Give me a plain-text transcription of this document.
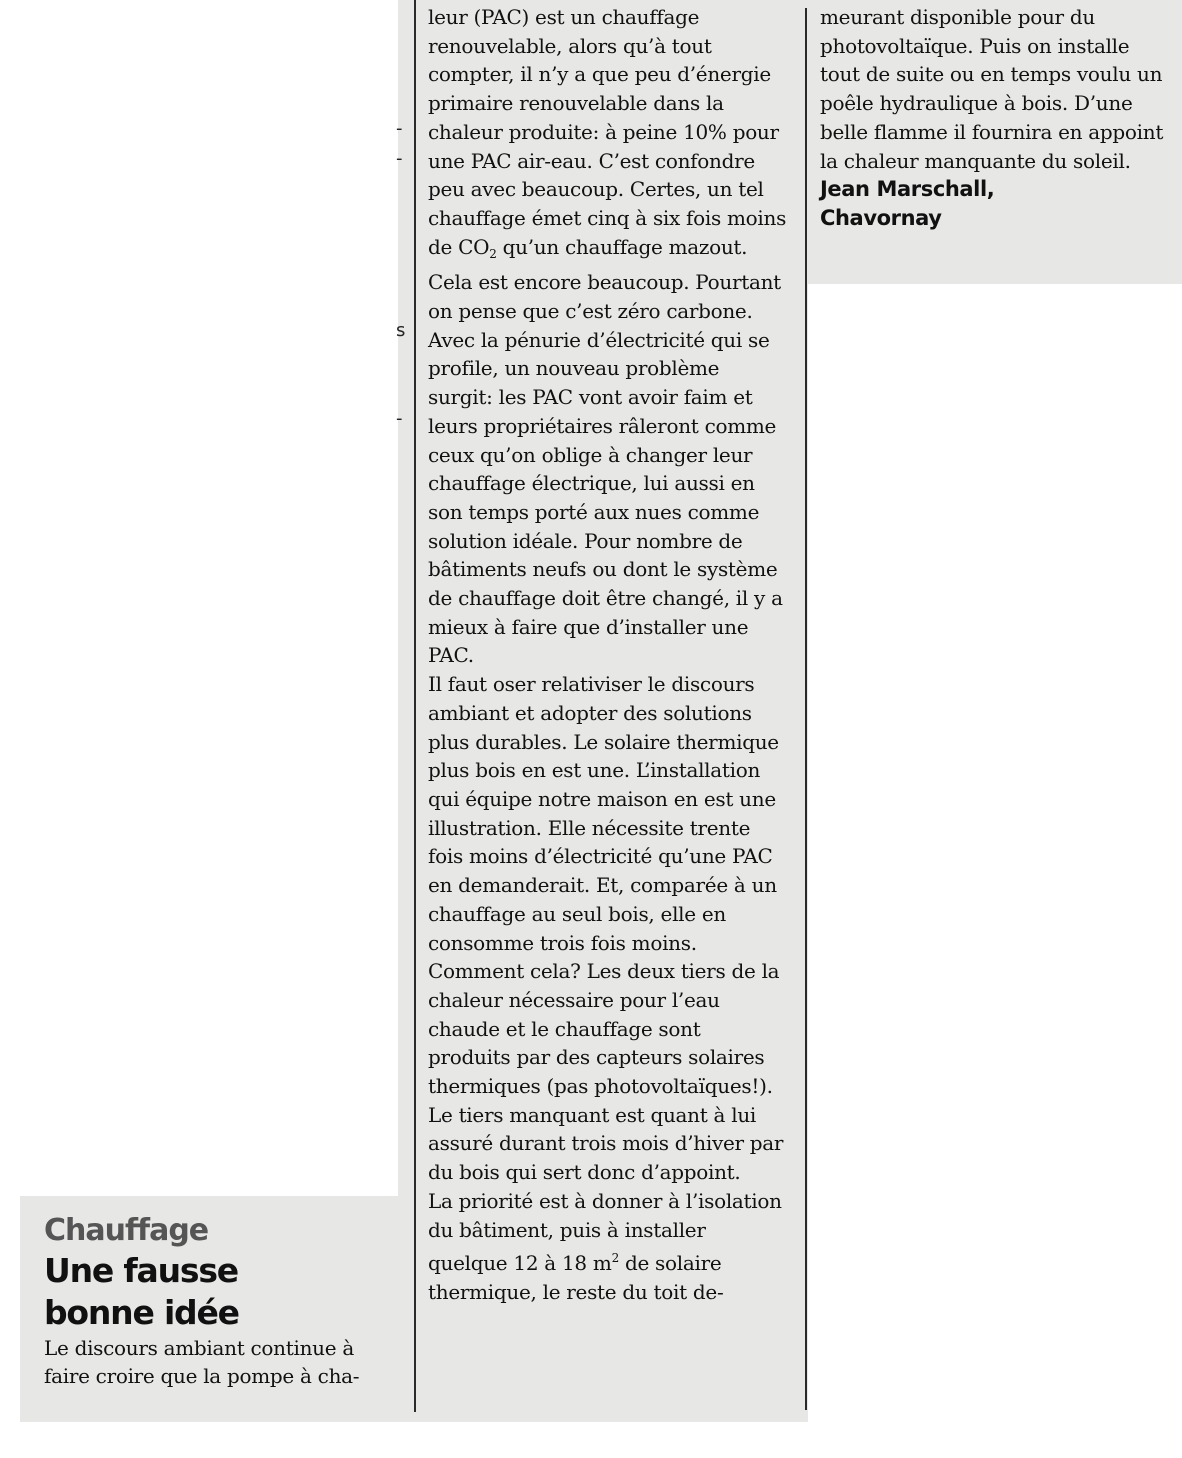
-
-
s
-

Chauffage

Une fausse

bonne idée

Le discours ambiant continue à faire croire que la pompe à cha-

leur (PAC) est un chauffage renouvelable, alors qu’à tout compter, il n’y a que peu d’énergie primaire renouvelable dans la chaleur produite: à peine 10% pour une PAC air-eau. C’est confondre peu avec beaucoup. Certes, un tel chauffage émet cinq à six fois moins de $CO_2$ qu’un chauffage mazout. Cela est encore beaucoup. Pourtant on pense que c’est zéro carbone. Avec la pénurie d’électricité qui se profile, un nouveau problème surgit: les PAC vont avoir faim et leurs propriétaires râleront comme ceux qu’on oblige à changer leur chauffage électrique, lui aussi en son temps porté aux nues comme solution idéale. Pour nombre de bâtiments neufs ou dont le système de chauffage doit être changé, il y a mieux à faire que d’installer une PAC.

Il faut oser relativiser le discours ambiant et adopter des solutions plus durables. Le solaire thermique plus bois en est une. L’installation qui équipe notre maison en est une illustration. Elle nécessite trente fois moins d’électricité qu’une PAC en demanderait. Et, comparée à un chauffage au seul bois, elle en consomme trois fois moins. Comment cela? Les deux tiers de la chaleur nécessaire pour l’eau chaude et le chauffage sont produits par des capteurs solaires thermiques (pas photovoltaïques!). Le tiers manquant est quant à lui assuré durant trois mois d’hiver par du bois qui sert donc d’appoint.

La priorité est à donner à l’isolation du bâtiment, puis à installer quelque 12 à 18 $m^2$ de solaire thermique, le reste du toit de-

meurant disponible pour du photovoltaïque. Puis on installe tout de suite ou en temps voulu un poêle hydraulique à bois. D’une belle flamme il fournira en appoint la chaleur manquante du soleil.

Jean Marschall,

Chavornay
